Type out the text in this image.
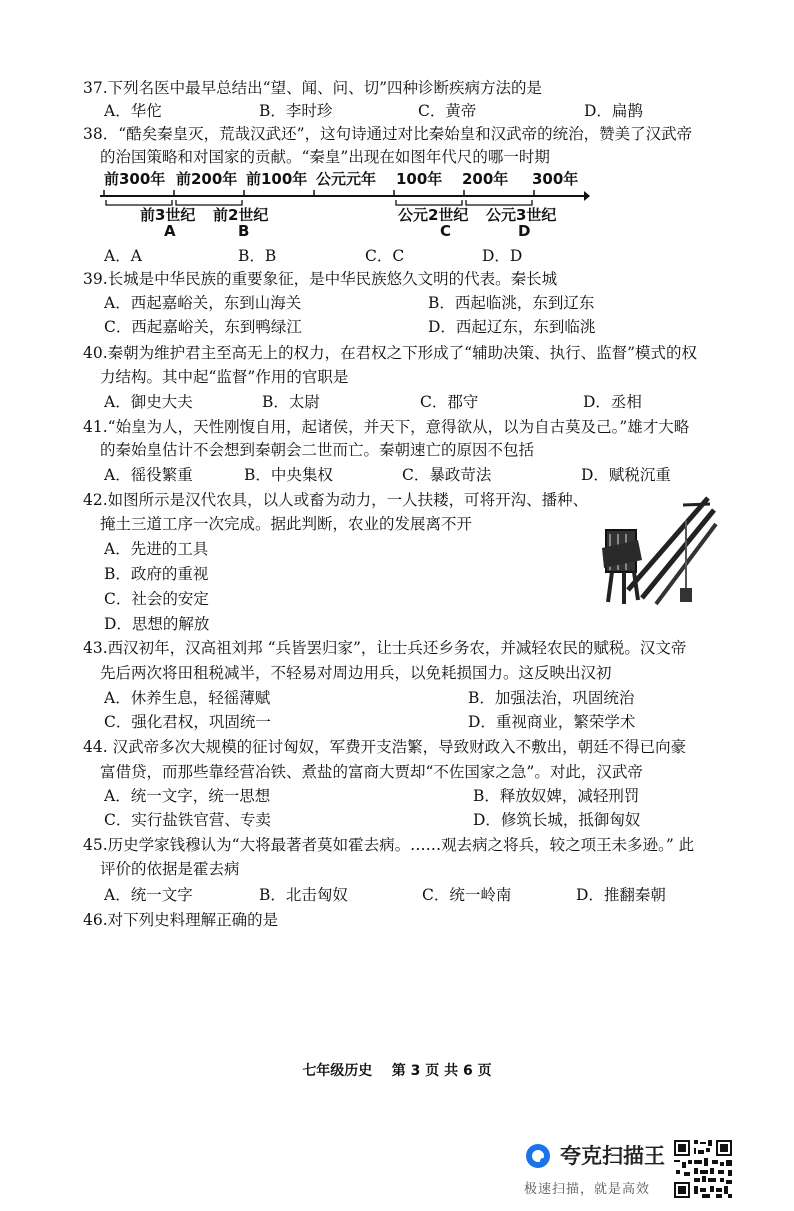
37.下列名医中最早总结出“望、闻、问、切”四种诊断疾病方法的是
A．华佗	B．李时珍	C．黄帝	D．扁鹊
38．“酷矣秦皇灭，荒哉汉武还”，这句诗通过对比秦始皇和汉武帝的统治，赞美了汉武帝
的治国策略和对国家的贡献。“秦皇”出现在如图年代尺的哪一时期
前300年 前200年 前100年 公元元年 100年 200年 300年
前3世纪 前2世纪	公元2世纪 公元3世纪
A	B	C	D
A．A	B．B	C．C	D．D
39.长城是中华民族的重要象征，是中华民族悠久文明的代表。秦长城
A．西起嘉峪关，东到山海关	B．西起临洮，东到辽东
C．西起嘉峪关，东到鸭绿江	D．西起辽东，东到临洮
40.秦朝为维护君主至高无上的权力，在君权之下形成了“辅助决策、执行、监督”模式的权
力结构。其中起“监督”作用的官职是
A．御史大夫	B．太尉	C．郡守	D．丞相
41.“始皇为人，天性刚愎自用，起诸侯，并天下，意得欲从，以为自古莫及己。”雄才大略
的秦始皇估计不会想到秦朝会二世而亡。秦朝速亡的原因不包括
A．徭役繁重	B．中央集权	C．暴政苛法	D．赋税沉重
42.如图所示是汉代农具，以人或畜为动力，一人扶耧，可将开沟、播种、
掩土三道工序一次完成。据此判断，农业的发展离不开
A．先进的工具
B．政府的重视
C．社会的安定
D．思想的解放
43.西汉初年，汉高祖刘邦 “兵皆罢归家”，让士兵还乡务农，并减轻农民的赋税。汉文帝
先后两次将田租税减半，不轻易对周边用兵，以免耗损国力。这反映出汉初
A．休养生息，轻徭薄赋	B．加强法治，巩固统治
C．强化君权，巩固统一	D．重视商业，繁荣学术
44. 汉武帝多次大规模的征讨匈奴，军费开支浩繁，导致财政入不敷出，朝廷不得已向豪
富借贷，而那些靠经营冶铁、煮盐的富商大贾却“不佐国家之急”。对此，汉武帝
A．统一文字，统一思想	B．释放奴婢，减轻刑罚
C．实行盐铁官营、专卖	D．修筑长城，抵御匈奴
45.历史学家钱穆认为“大将最著者莫如霍去病。……观去病之将兵，较之项王未多逊。” 此
评价的依据是霍去病
A．统一文字	B．北击匈奴	C．统一岭南	D．推翻秦朝
46.对下列史料理解正确的是
七年级历史    第 3 页 共 6 页
夸克扫描王
极速扫描，就是高效
